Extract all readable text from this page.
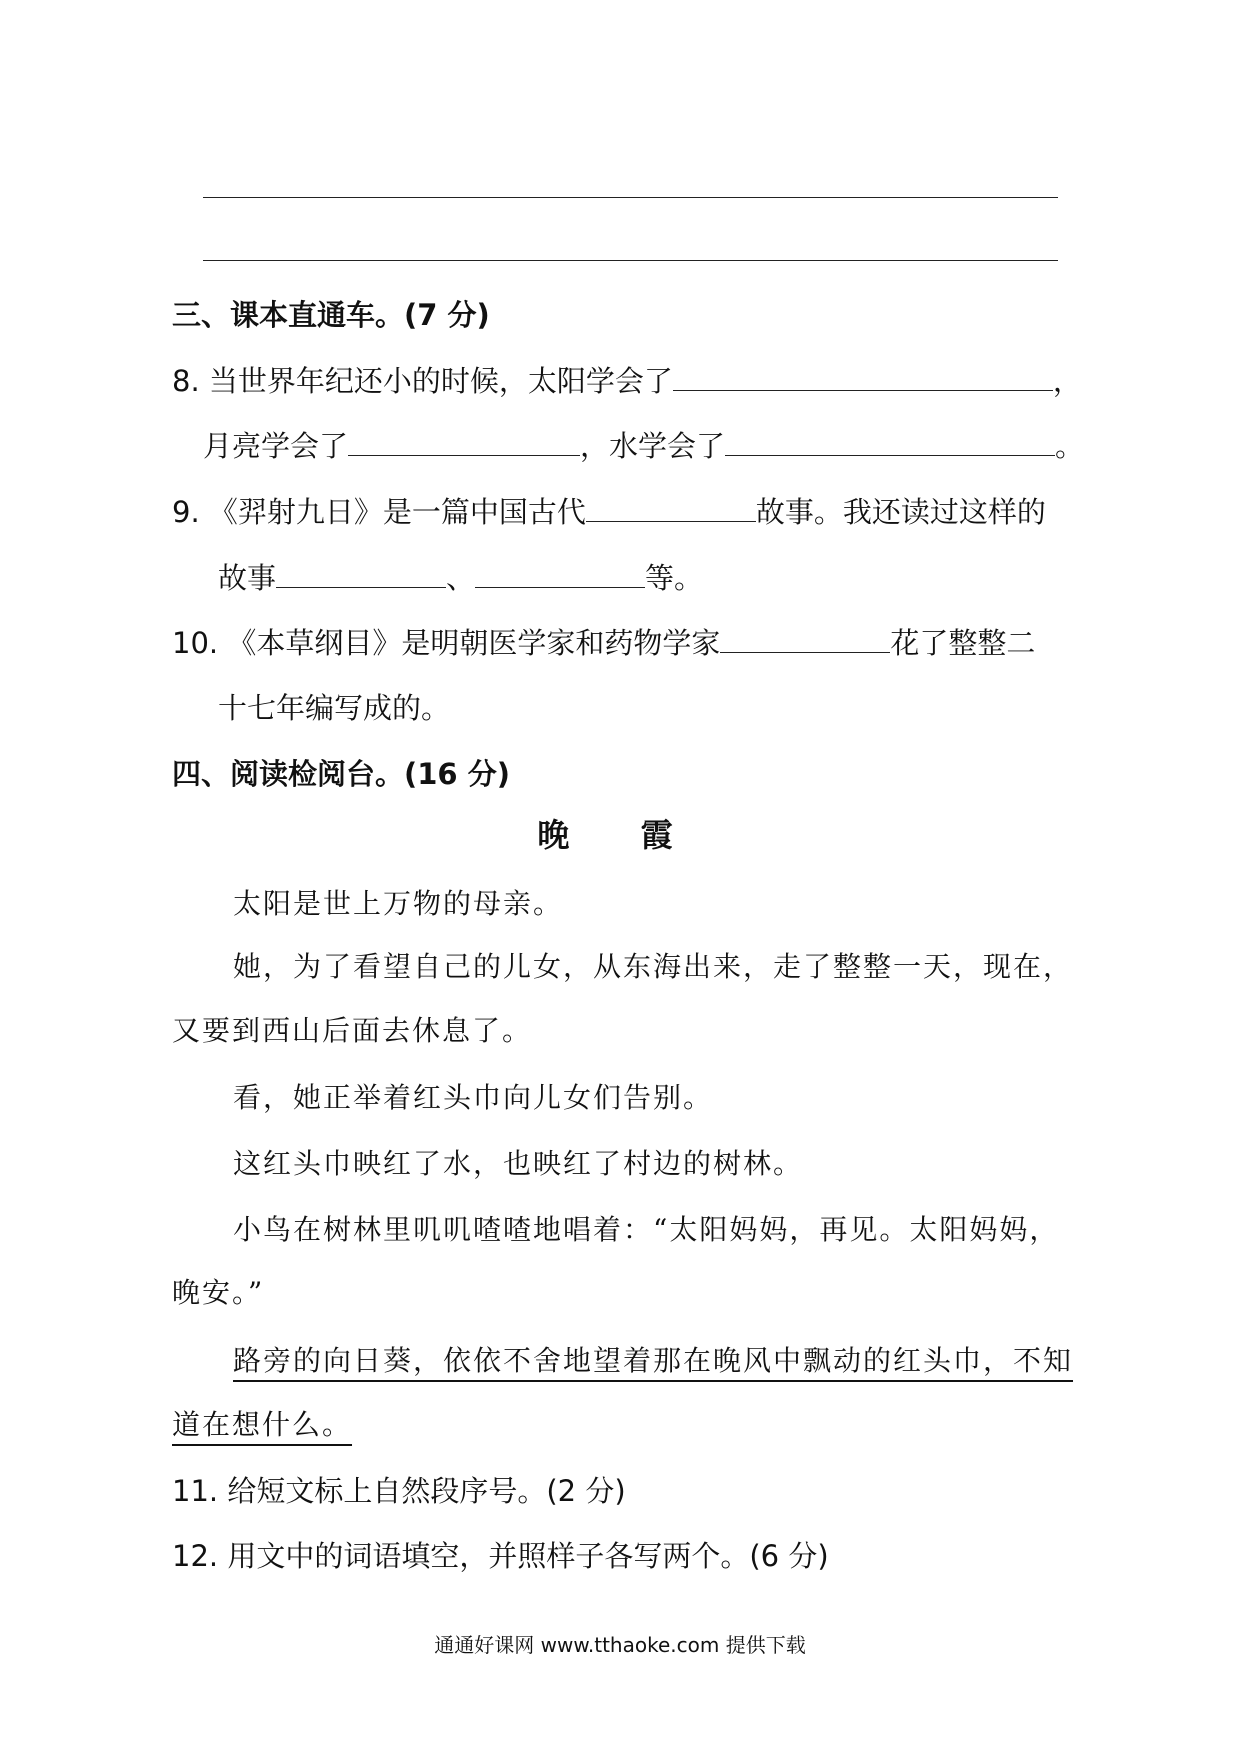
三、课本直通车。(7 分)
8. 当世界年纪还小的时候，太阳学会了	，
月亮学会了	，水学会了	。
9. 《羿射九日》是一篇中国古代	故事。我还读过这样的
故事	、	等。
10. 《本草纲目》是明朝医学家和药物学家	花了整整二
十七年编写成的。
四、阅读检阅台。(16 分)
晚 霞
太阳是世上万物的母亲。
她，为了看望自己的儿女，从东海出来，走了整整一天，现在，
又要到西山后面去休息了。
看，她正举着红头巾向儿女们告别。
这红头巾映红了水，也映红了村边的树林。
小鸟在树林里叽叽喳喳地唱着：“太阳妈妈，再见。太阳妈妈，
晚安。”
路旁的向日葵，依依不舍地望着那在晚风中飘动的红头巾，不知
道在想什么。
11. 给短文标上自然段序号。(2 分)
12. 用文中的词语填空，并照样子各写两个。(6 分)
通通好课网 www.tthaoke.com 提供下载
